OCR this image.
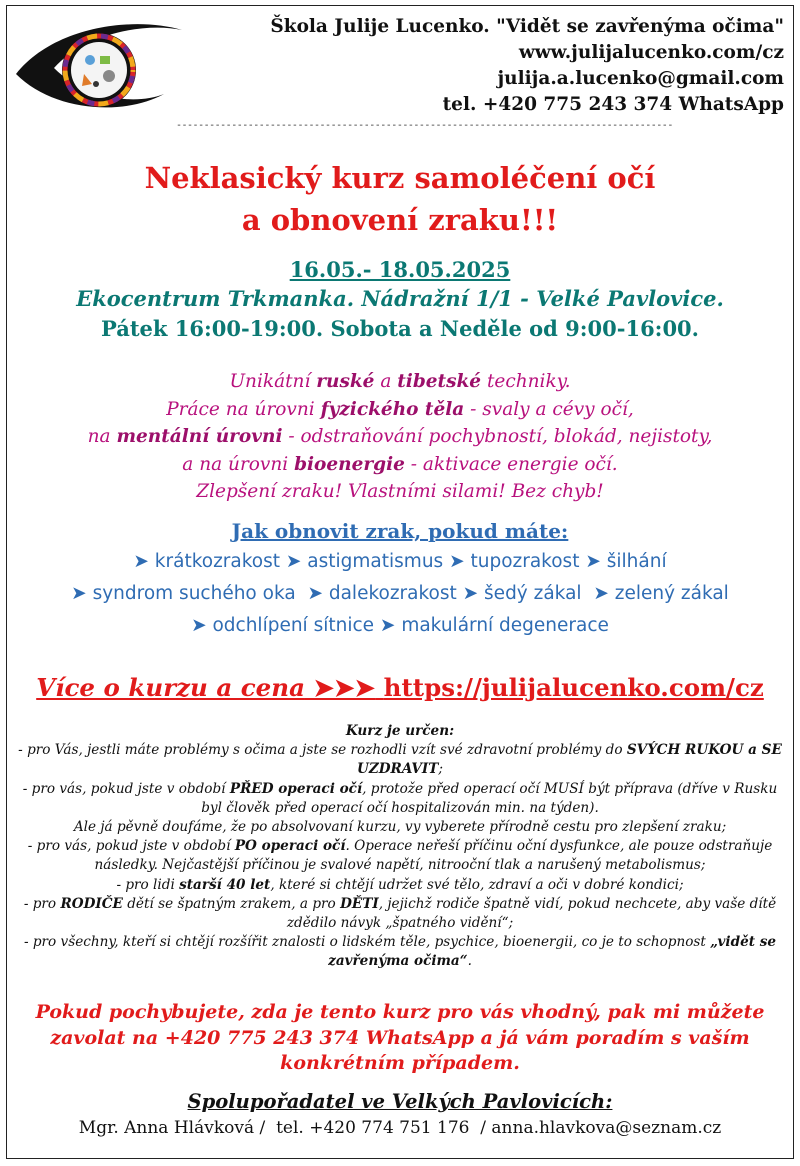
Škola Julije Lucenko. "Vidět se zavřenýma očima"
www.julijalucenko.com/cz
julija.a.lucenko@gmail.com
tel. +420 775 243 374 WhatsApp
------------------------------------------------------------------------------------------
Neklasický kurz samoléčení očí
a obnovení zraku!!!
16.05.- 18.05.2025
Ekocentrum Trkmanka. Nádražní 1/1 - Velké Pavlovice.
Pátek 16:00-19:00. Sobota a Neděle od 9:00-16:00.
Unikátní ruské a tibetské techniky.
Práce na úrovni fyzického těla - svaly a cévy očí,
na mentální úrovni - odstraňování pochybností, blokád, nejistoty,
a na úrovni bioenergie - aktivace energie očí.
Zlepšení zraku! Vlastními silami! Bez chyb!
Jak obnovit zrak, pokud máte:
➤ krátkozrakost ➤ astigmatismus ➤ tupozrakost ➤ šilhání
➤ syndrom suchého oka ➤ dalekozrakost ➤ šedý zákal ➤ zelený zákal
➤ odchlípení sítnice ➤ makulární degenerace
Více o kurzu a cena ➤➤➤ https://julijalucenko.com/cz
Kurz je určen:
- pro Vás, jestli máte problémy s očima a jste se rozhodli vzít své zdravotní problémy do SVÝCH RUKOU a SE UZDRAVIT;
- pro vás, pokud jste v období PŘED operaci očí, protože před operací očí MUSÍ být příprava (dříve v Rusku byl člověk před operací očí hospitalizován min. na týden).
Ale já pěvně doufáme, že po absolvovaní kurzu, vy vyberete přírodně cestu pro zlepšení zraku;
- pro vás, pokud jste v období PO operaci očí. Operace neřeší příčinu oční dysfunkce, ale pouze odstraňuje následky. Nejčastější příčinou je svalové napětí, nitrooční tlak a narušený metabolismus;
- pro lidi starší 40 let, které si chtějí udržet své tělo, zdraví a oči v dobré kondici;
- pro RODIČE dětí se špatným zrakem, a pro DĚTI, jejichž rodiče špatně vidí, pokud nechcete, aby vaše dítě zdědilo návyk „špatného vidění“;
- pro všechny, kteří si chtějí rozšířit znalosti o lidském těle, psychice, bioenergii, co je to schopnost „vidět se zavřenýma očima“.
Pokud pochybujete, zda je tento kurz pro vás vhodný, pak mi můžete zavolat na +420 775 243 374 WhatsApp a já vám poradím s vaším konkrétním případem.
Spolupořadatel ve Velkých Pavlovicích:
Mgr. Anna Hlávková /  tel. +420 774 751 176  / anna.hlavkova@seznam.cz
